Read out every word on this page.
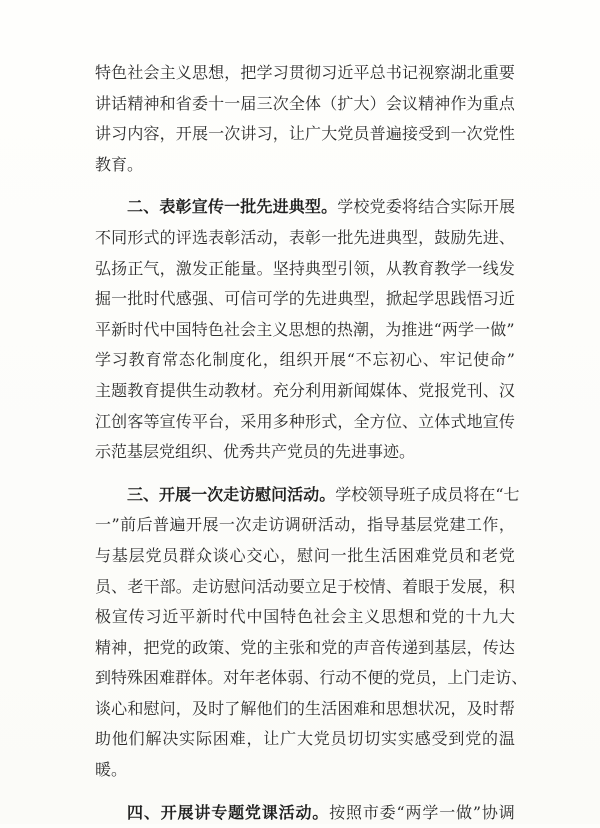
特 色 社 会 主 义 思 想 ， 把 学 习 贯 彻 习 近 平 总 书 记 视 察 湖 北 重 要
讲 话 精 神 和 省 委 十 一 届 三 次 全 体 （ 扩 大 ） 会 议 精 神 作 为 重 点
讲 习 内 容 ， 开 展 一 次 讲 习 ， 让 广 大 党 员 普 遍 接 受 到 一 次 党 性
教育。
二 、 表 彰 宣 传 一 批 先 进 典 型 。 学 校 党 委 将 结 合 实 际 开 展
不 同 形 式 的 评 选 表 彰 活 动 ， 表 彰 一 批 先 进 典 型 ， 鼓 励 先 进 、
弘 扬 正 气 ， 激 发 正 能 量 。 坚 持 典 型 引 领 ， 从 教 育 教 学 一 线 发
掘 一 批 时 代 感 强 、 可 信 可 学 的 先 进 典 型 ， 掀 起 学 思 践 悟 习 近
平 新 时 代 中 国 特 色 社 会 主 义 思 想 的 热 潮 ， 为 推 进 “ 两 学 一 做 ”
学 习 教 育 常 态 化 制 度 化 ， 组 织 开 展 “ 不 忘 初 心 、 牢 记 使 命 ”
主 题 教 育 提 供 生 动 教 材 。 充 分 利 用 新 闻 媒 体 、 党 报 党 刊 、 汉
江 创 客 等 宣 传 平 台 ， 采 用 多 种 形 式 ， 全 方 位 、 立 体 式 地 宣 传
示范基层党组织、优秀共产党员的先进事迹。
三 、 开 展 一 次 走 访 慰 问 活 动 。 学 校 领 导 班 子 成 员 将 在 “ 七
一 ” 前 后 普 遍 开 展 一 次 走 访 调 研 活 动 ， 指 导 基 层 党 建 工 作 ，
与 基 层 党 员 群 众 谈 心 交 心 ， 慰 问 一 批 生 活 困 难 党 员 和 老 党
员 、 老 干 部 。 走 访 慰 问 活 动 要 立 足 于 校 情 、 着 眼 于 发 展 ， 积
极 宣 传 习 近 平 新 时 代 中 国 特 色 社 会 主 义 思 想 和 党 的 十 九 大
精 神 ， 把 党 的 政 策 、 党 的 主 张 和 党 的 声 音 传 递 到 基 层 ， 传 达
到 特 殊 困 难 群 体 。 对 年 老 体 弱 、 行 动 不 便 的 党 员 ， 上 门 走 访 、
谈 心 和 慰 问 ， 及 时 了 解 他 们 的 生 活 困 难 和 思 想 状 况 ， 及 时 帮
助 他 们 解 决 实 际 困 难 ， 让 广 大 党 员 切 切 实 实 感 受 到 党 的 温
暖。
四 、 开 展 讲 专 题 党 课 活 动 。 按 照 市 委 “ 两 学 一 做 ” 协 调
